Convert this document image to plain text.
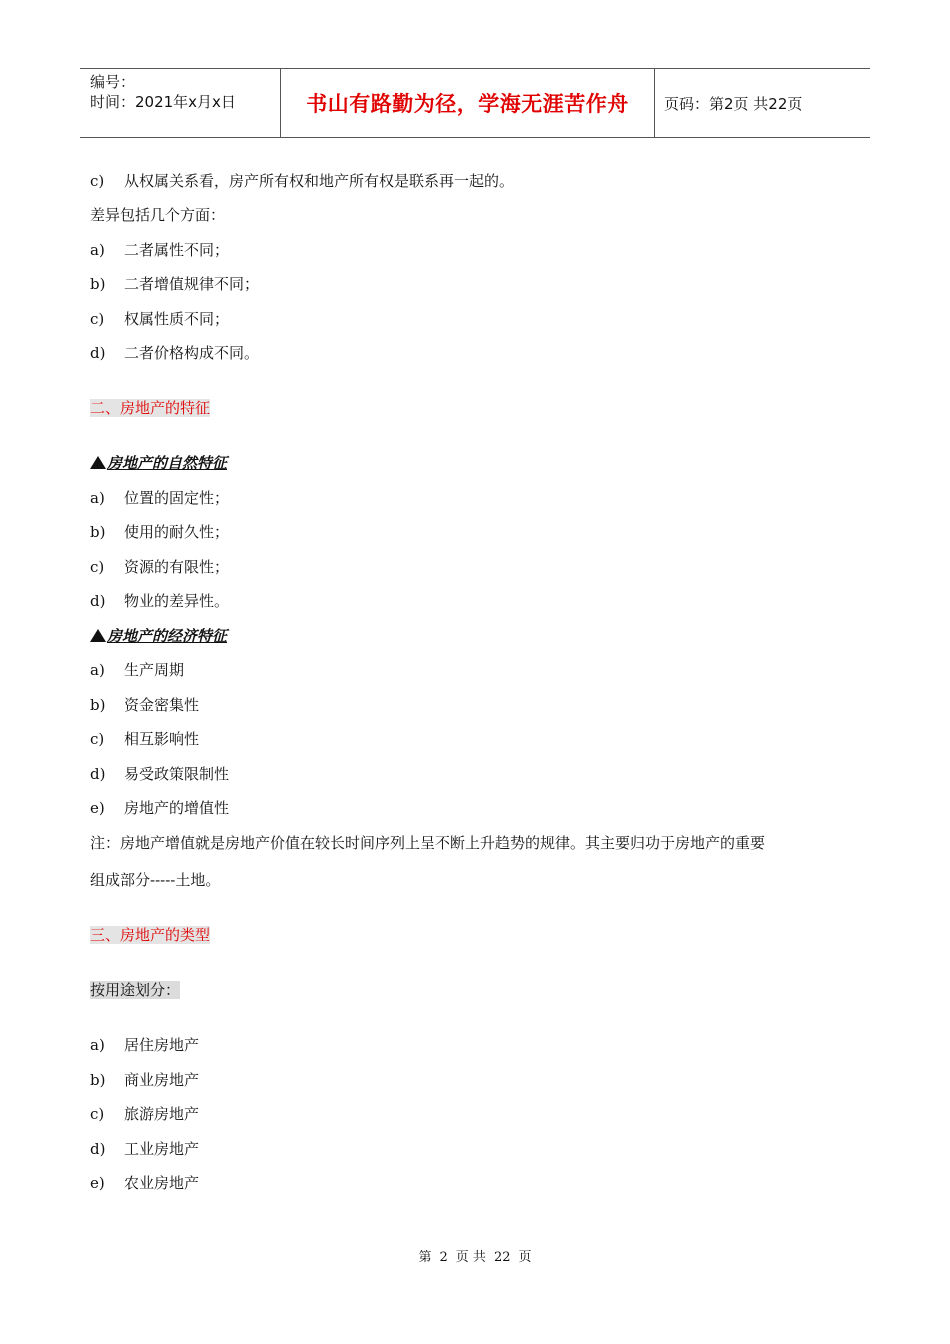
编号：
时间：2021年x月x日	书山有路勤为径，学海无涯苦作舟 页码：第2页 共22页
c) 从权属关系看，房产所有权和地产所有权是联系再一起的。
差异包括几个方面：
a) 二者属性不同；
b) 二者增值规律不同；
c) 权属性质不同；
d) 二者价格构成不同。
二、房地产的特征
房地产的自然特征
a) 位置的固定性；
b) 使用的耐久性；
c) 资源的有限性；
d) 物业的差异性。
房地产的经济特征
a) 生产周期
b) 资金密集性
c) 相互影响性
d) 易受政策限制性
e) 房地产的增值性
注：房地产增值就是房地产价值在较长时间序列上呈不断上升趋势的规律。其主要归功于房地产的重要
组成部分-----土地。
三、房地产的类型
按用途划分：
a) 居住房地产
b) 商业房地产
c) 旅游房地产
d) 工业房地产
e) 农业房地产
第 2 页 共 22 页
